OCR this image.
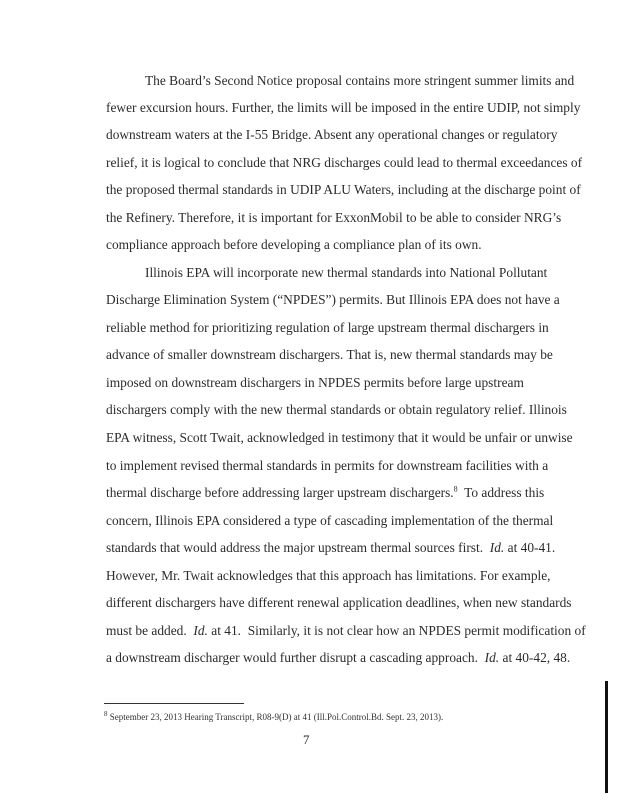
The Board’s Second Notice proposal contains more stringent summer limits and
fewer excursion hours. Further, the limits will be imposed in the entire UDIP, not simply
downstream waters at the I-55 Bridge. Absent any operational changes or regulatory
relief, it is logical to conclude that NRG discharges could lead to thermal exceedances of
the proposed thermal standards in UDIP ALU Waters, including at the discharge point of
the Refinery. Therefore, it is important for ExxonMobil to be able to consider NRG’s
compliance approach before developing a compliance plan of its own.
Illinois EPA will incorporate new thermal standards into National Pollutant
Discharge Elimination System (“NPDES”) permits. But Illinois EPA does not have a
reliable method for prioritizing regulation of large upstream thermal dischargers in
advance of smaller downstream dischargers. That is, new thermal standards may be
imposed on downstream dischargers in NPDES permits before large upstream
dischargers comply with the new thermal standards or obtain regulatory relief. Illinois
EPA witness, Scott Twait, acknowledged in testimony that it would be unfair or unwise
to implement revised thermal standards in permits for downstream facilities with a
thermal discharge before addressing larger upstream dischargers.$^8$  To address this
concern, Illinois EPA considered a type of cascading implementation of the thermal
standards that would address the major upstream thermal sources first.  Id. at 40-41.
However, Mr. Twait acknowledges that this approach has limitations. For example,
different dischargers have different renewal application deadlines, when new standards
must be added.  Id. at 41.  Similarly, it is not clear how an NPDES permit modification of
a downstream discharger would further disrupt a cascading approach.  Id. at 40-42, 48.
$^8$ September 23, 2013 Hearing Transcript, R08-9(D) at 41 (Ill.Pol.Control.Bd. Sept. 23, 2013).
7
